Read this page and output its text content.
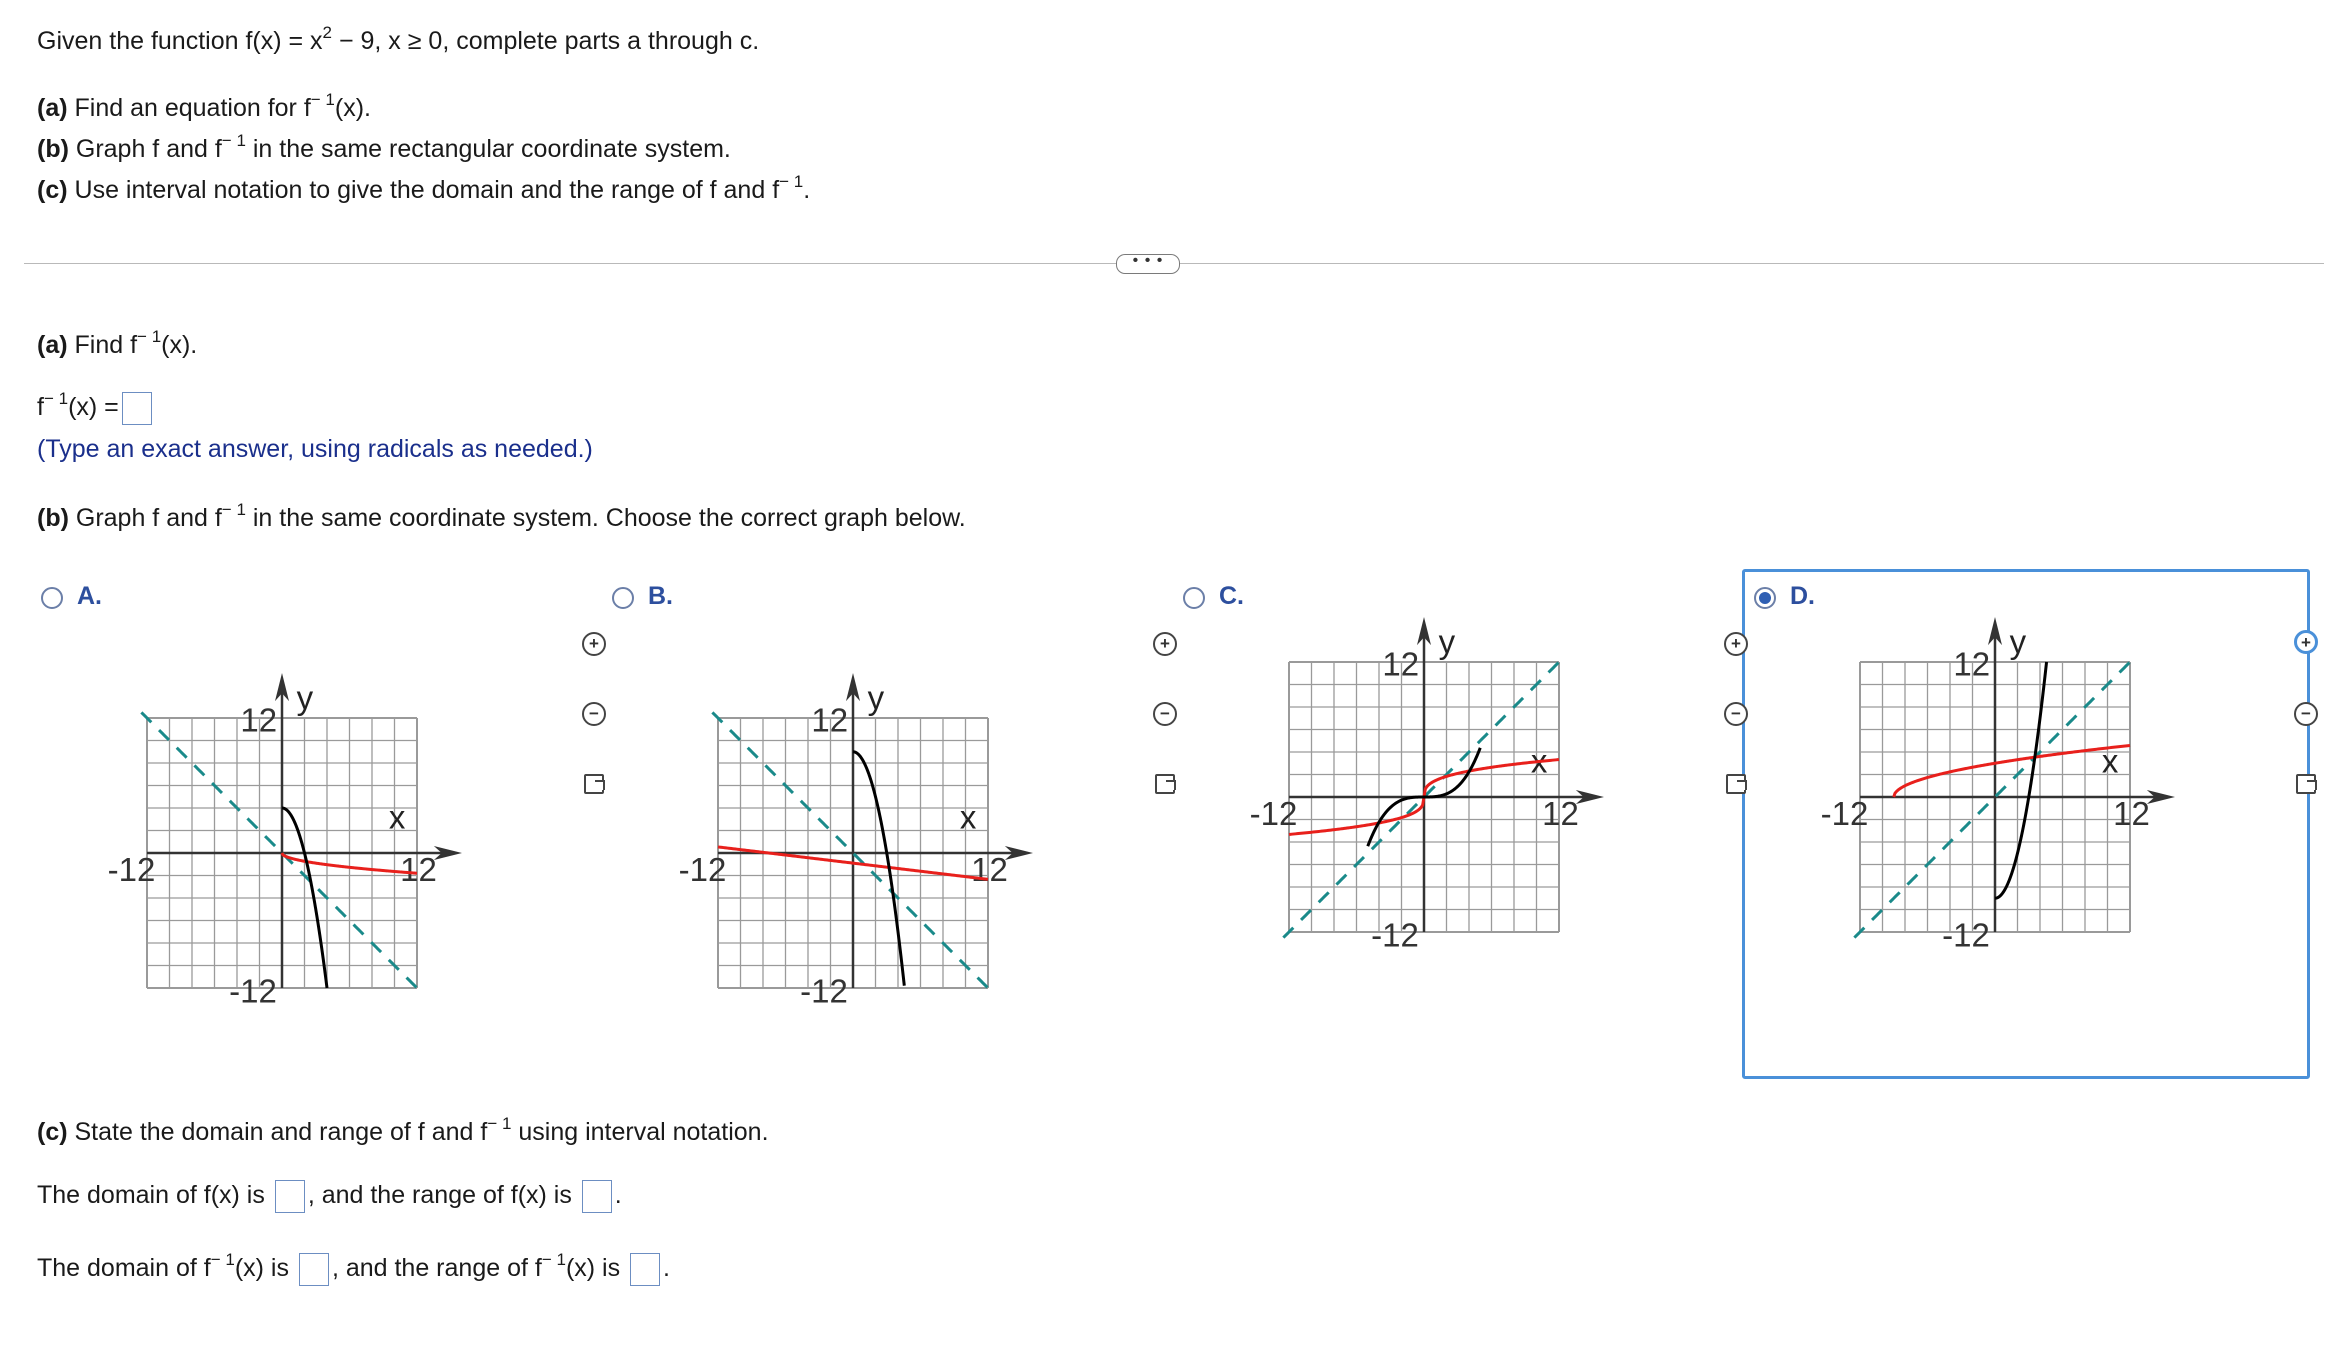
Given the function $f(x) = x^2 - 9$, x ≥ 0, complete parts a through c.
(a) Find an equation for $f^{- 1}(x)$.
(b) Graph f and $f^{- 1}$ in the same rectangular coordinate system.
(c) Use interval notation to give the domain and the range of f and $f^{- 1}$.
• • •
(a) Find $f^{- 1}(x)$.
$f^{- 1}(x)$ =
(Type an exact answer, using radicals as needed.)
(b) Graph f and $f^{- 1}$ in the same coordinate system. Choose the correct graph below.
A.	B.	C.	D.
-12	12
12
-12
x
y
-12	12
12
-12
x
y
-12	12
12
-12
x
y
-12	12
12
-12
x
y
+
−
+
−
+
−
+
−
(c) State the domain and range of f and $f^{- 1}$ using interval notation.
The domain of f(x) is , and the range of f(x) is .
The domain of $f^{- 1}(x)$ is , and the range of $f^{- 1}(x)$ is .
